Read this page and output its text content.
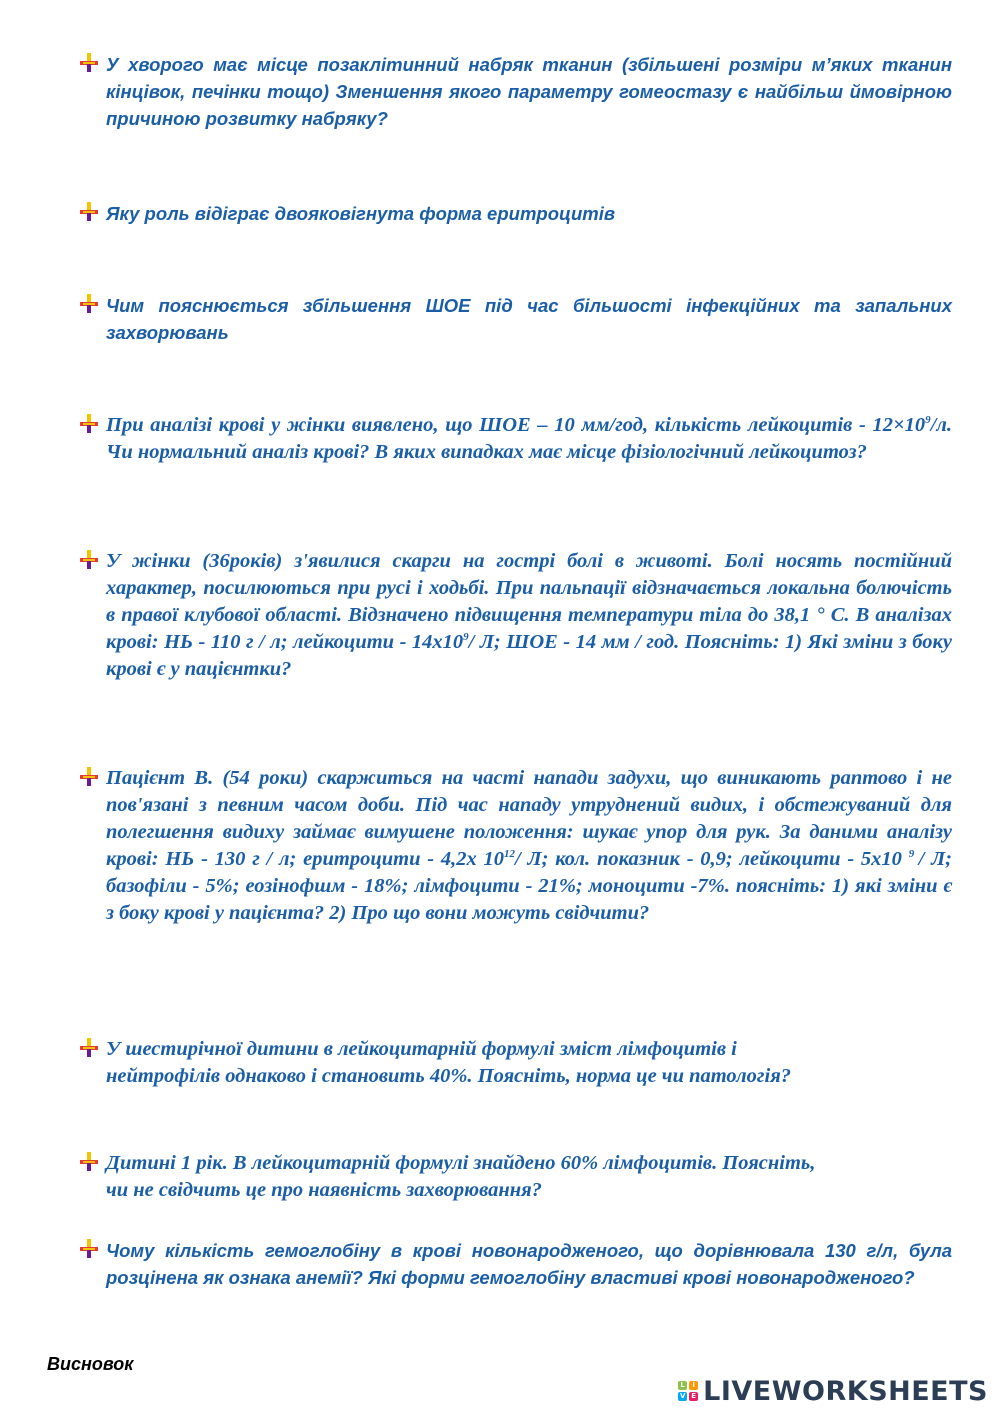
У хворого має місце позаклітинний набряк тканин (збільшені розміри м’яких тканин кінцівок, печінки тощо) Зменшення якого параметру гомеостазу є найбільш ймовірною причиною розвитку набряку?
Яку роль відіграє двояковігнута форма еритроцитів
Чим пояснюється збільшення ШОЕ під час більшості інфекційних та запальних захворювань
При аналізі крові у жінки виявлено, що ШОЕ – 10 мм/год, кількість лейкоцитів - $12\times 10^9/л$. Чи нормальний аналіз крові? В яких випадках має місце фізіологічний лейкоцитоз?
У жінки (36років) з'явилися скарги на гострі болі в животі. Болі носять постійний характер, посилюються при русі і ходьбі. При пальпації відзначається локальна болючість в правої клубової області. Відзначено підвищення температури тіла до 38,1 ° С. В аналізах крові: НЬ - 110 г / л; лейкоцити - $14х10^9/$ Л; ШОЕ - 14 мм / год. Поясніть: 1) Які зміни з боку крові є у пацієнтки?
Пацієнт В. (54 роки) скаржиться на часті напади задухи, що виникають раптово і не пов'язані з певним часом доби. Під час нападу утруднений видих, і обстежуваний для полегшення видиху займає вимушене положення: шукає упор для рук. За даними аналізу крові: НЬ - 130 г / л; еритроцити - 4,2х $10^{12}/$ Л; кол. показник - 0,9; лейкоцити - 5х10 $^9$ / Л; базофіли - 5%; еозінофшм - 18%; лімфоцити - 21%; моноцити -7%. поясніть: 1) які зміни є з боку крові у пацієнта? 2) Про що вони можуть свідчити?
У шестирічної дитини в лейкоцитарній формулі зміст лімфоцитів і
нейтрофілів однаково і становить 40%. Поясніть, норма це чи патологія?
Дитині 1 рік. В лейкоцитарній формулі знайдено 60% лімфоцитів. Поясніть,
чи не свідчить це про наявність захворювання?
Чому кількість гемоглобіну в крові новонародженого, що дорівнювала 130 г/л, була розцінена як ознака анемії? Які форми гемоглобіну властиві крові новонародженого?
Висновок
L	I
V E LIVEWORKSHEETS
